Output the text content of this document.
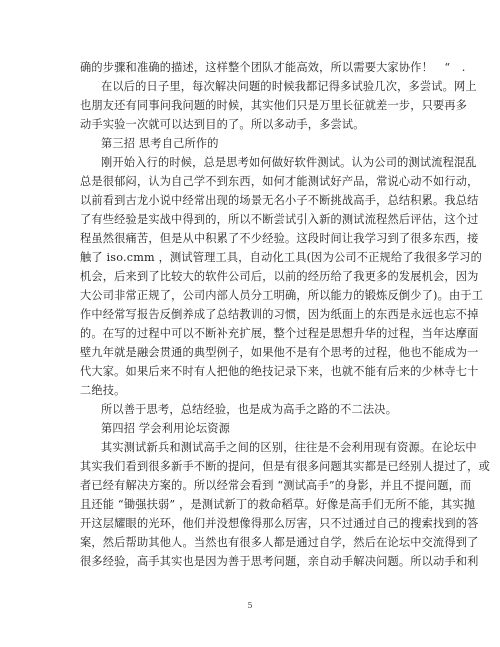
确的步骤和准确的描述，这样整个团队才能高效，所以需要大家协作！　“　.
在以后的日子里，每次解决问题的时候我都记得多试验几次，多尝试。网上
也朋友还有同事问我问题的时候，其实他们只是万里长征就差一步，只要再多
动手实验一次就可以达到目的了。所以多动手，多尝试。
第三招 思考自己所作的
刚开始入行的时候，总是思考如何做好软件测试。认为公司的测试流程混乱
总是很郁闷，认为自己学不到东西，如何才能测试好产品，常说心动不如行动，
以前看到古龙小说中经常出现的场景无名小子不断挑战高手，总结积累。我总结
了有些经验是实战中得到的，所以不断尝试引入新的测试流程然后评估，这个过
程虽然很痛苦，但是从中积累了不少经验。这段时间让我学习到了很多东西，接
触了 iso.cmm ，测试管理工具，自动化工具(因为公司不正规给了我很多学习的
机会，后来到了比较大的软件公司后，以前的经历给了我更多的发展机会，因为
大公司非常正规了，公司内部人员分工明确，所以能力的锻炼反倒少了)。由于工
作中经常写报告反倒养成了总结教训的习惯，因为纸面上的东西是永远也忘不掉
的。在写的过程中可以不断补充扩展，整个过程是思想升华的过程，当年达摩面
壁九年就是融会贯通的典型例子，如果他不是有个思考的过程，他也不能成为一
代大家。如果后来不时有人把他的绝技记录下来，也就不能有后来的少林寺七十
二绝技。
所以善于思考，总结经验，也是成为高手之路的不二法决。
第四招 学会利用论坛资源
其实测试新兵和测试高手之间的区别，往往是不会利用现有资源。在论坛中
其实我们看到很多新手不断的提问，但是有很多问题其实都是已经别人提过了，或
者已经有解决方案的。所以经常会看到 “测试高手”的身影，并且不提问题，而
且还能 “锄强扶弱” ，是测试新丁的救命稻草。好像是高手们无所不能，其实抛
开这层耀眼的光环，他们并没想像得那么厉害，只不过通过自己的搜索找到的答
案，然后帮助其他人。当然也有很多人都是通过自学，然后在论坛中交流得到了
很多经验，高手其实也是因为善于思考问题，亲自动手解决问题。所以动手和利
5
